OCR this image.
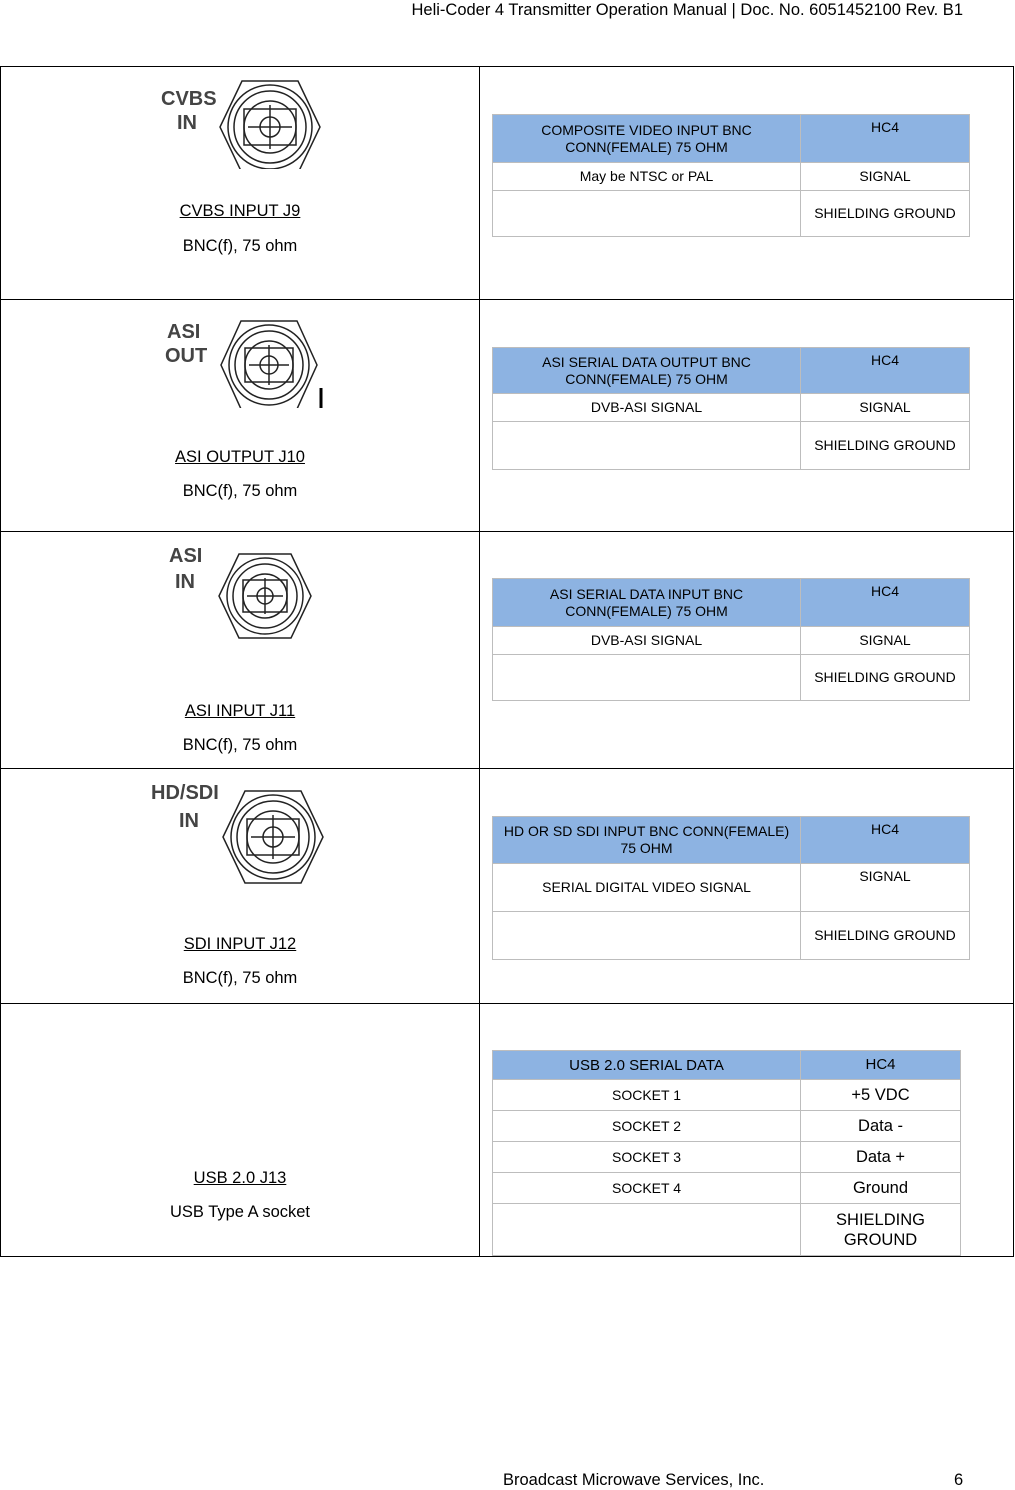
Heli-Coder 4 Transmitter Operation Manual | Doc. No. 6051452100 Rev. B1
CVBS
IN
CVBS INPUT J9
BNC(f), 75 ohm

COMPOSITE VIDEO INPUT BNC CONN(FEMALE) 75 OHM	HC4
May be NTSC or PAL	SIGNAL
	SHIELDING GROUND

ASI
OUT
ASI OUTPUT J10
BNC(f), 75 ohm

ASI SERIAL DATA OUTPUT BNC CONN(FEMALE) 75 OHM	HC4
DVB-ASI SIGNAL	SIGNAL
	SHIELDING GROUND

ASI
IN
ASI INPUT J11
BNC(f), 75 ohm

ASI SERIAL DATA INPUT BNC CONN(FEMALE) 75 OHM	HC4
DVB-ASI SIGNAL	SIGNAL
	SHIELDING GROUND

HD/SDI
IN
SDI INPUT J12
BNC(f), 75 ohm

HD OR SD SDI INPUT BNC CONN(FEMALE) 75 OHM	HC4
SERIAL DIGITAL VIDEO SIGNAL	SIGNAL
	SHIELDING GROUND

USB 2.0 J13
USB Type A socket

USB 2.0 SERIAL DATA	HC4
SOCKET 1	+5 VDC
SOCKET 2	Data -
SOCKET 3	Data +
SOCKET 4	Ground
	SHIELDING GROUND
Broadcast Microwave Services, Inc.	6
